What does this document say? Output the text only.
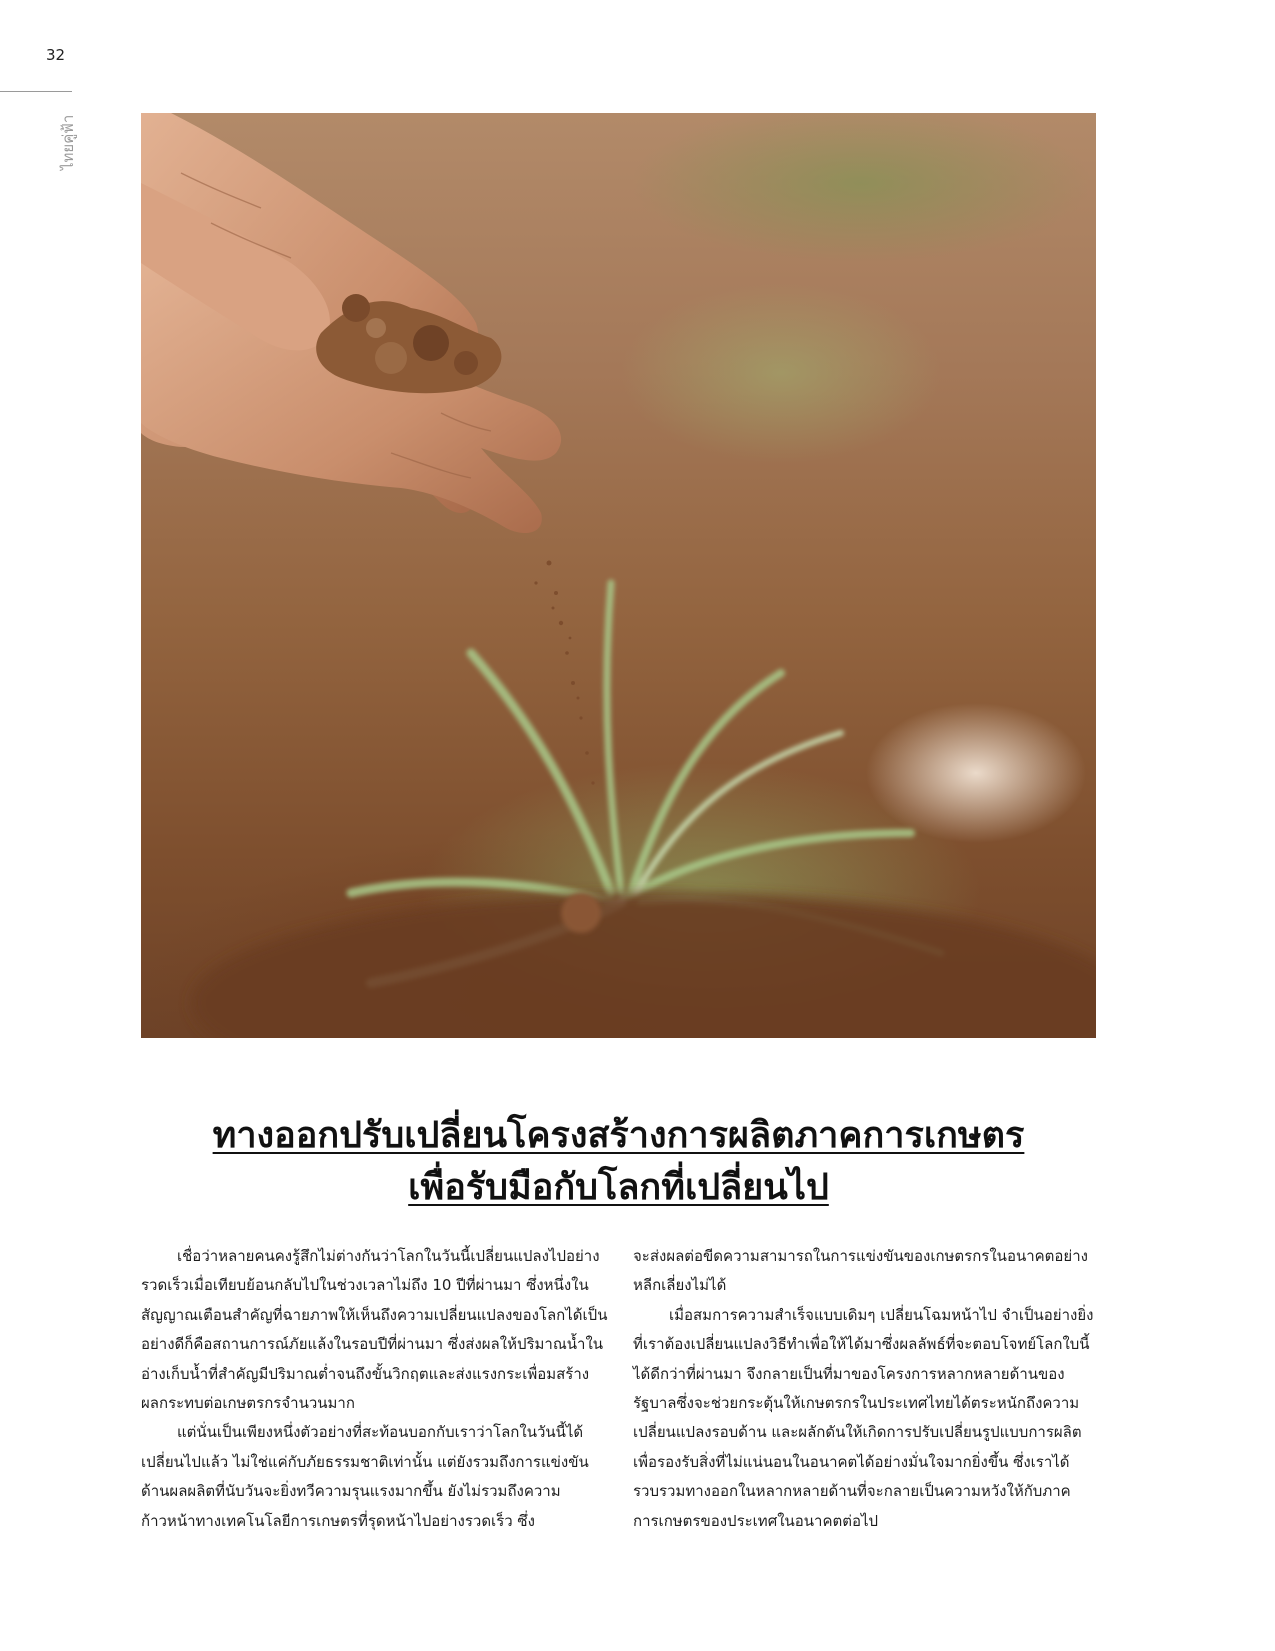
32
ไทยคู่ฟ้า
ทางออกปรับเปลี่ยนโครงสร้างการผลิตภาคการเกษตร
เพื่อรับมือกับโลกที่เปลี่ยนไป

เชื่อว่าหลายคนคงรู้สึกไม่ต่างกันว่าโลกในวันนี้เปลี่ยนแปลงไปอย่างรวดเร็วเมื่อเทียบย้อนกลับไปในช่วงเวลาไม่ถึง 10 ปีที่ผ่านมา ซึ่งหนึ่งในสัญญาณเตือนสำคัญที่ฉายภาพให้เห็นถึงความเปลี่ยนแปลงของโลกได้เป็นอย่างดีก็คือสถานการณ์ภัยแล้งในรอบปีที่ผ่านมา ซึ่งส่งผลให้ปริมาณน้ำในอ่างเก็บน้ำที่สำคัญมีปริมาณต่ำจนถึงขั้นวิกฤตและส่งแรงกระเพื่อมสร้างผลกระทบต่อเกษตรกรจำนวนมาก

แต่นั่นเป็นเพียงหนึ่งตัวอย่างที่สะท้อนบอกกับเราว่าโลกในวันนี้ได้เปลี่ยนไปแล้ว ไม่ใช่แค่กับภัยธรรมชาติเท่านั้น แต่ยังรวมถึงการแข่งขันด้านผลผลิตที่นับวันจะยิ่งทวีความรุนแรงมากขึ้น ยังไม่รวมถึงความก้าวหน้าทางเทคโนโลยีการเกษตรที่รุดหน้าไปอย่างรวดเร็ว ซึ่ง

จะส่งผลต่อขีดความสามารถในการแข่งขันของเกษตรกรในอนาคตอย่างหลีกเลี่ยงไม่ได้

เมื่อสมการความสำเร็จแบบเดิมๆ เปลี่ยนโฉมหน้าไป จำเป็นอย่างยิ่งที่เราต้องเปลี่ยนแปลงวิธีทำเพื่อให้ได้มาซึ่งผลลัพธ์ที่จะตอบโจทย์โลกใบนี้ได้ดีกว่าที่ผ่านมา จึงกลายเป็นที่มาของโครงการหลากหลายด้านของรัฐบาลซึ่งจะช่วยกระตุ้นให้เกษตรกรในประเทศไทยได้ตระหนักถึงความเปลี่ยนแปลงรอบด้าน และผลักดันให้เกิดการปรับเปลี่ยนรูปแบบการผลิตเพื่อรองรับสิ่งที่ไม่แน่นอนในอนาคตได้อย่างมั่นใจมากยิ่งขึ้น ซึ่งเราได้รวบรวมทางออกในหลากหลายด้านที่จะกลายเป็นความหวังให้กับภาคการเกษตรของประเทศในอนาคตต่อไป
